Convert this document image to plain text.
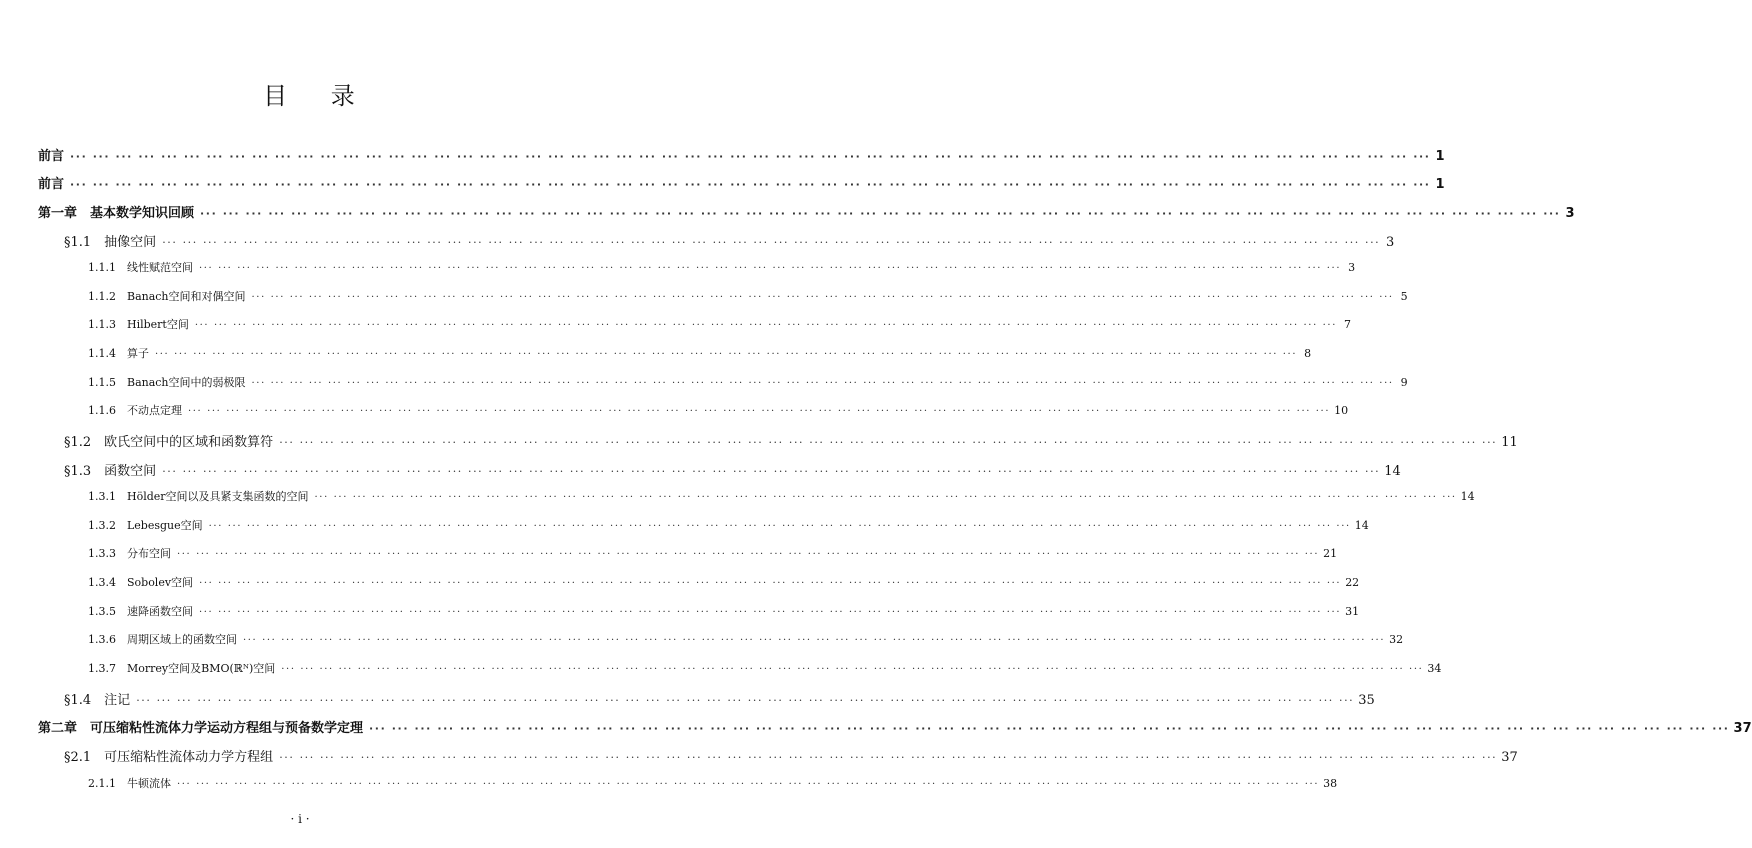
目 录
前言 ··· ··· ··· ··· ··· ··· ··· ··· ··· ··· ··· ··· ··· ··· ··· ··· ··· ··· ··· ··· ··· ··· ··· ··· ··· ··· ··· ··· ··· ··· ··· ··· ··· ··· ··· ··· ··· ··· ··· ··· ··· ··· ··· ··· ··· ··· ··· ··· ··· ··· ··· ··· ··· ··· ··· ··· ··· ··· ··· ··· 1
前言 ··· ··· ··· ··· ··· ··· ··· ··· ··· ··· ··· ··· ··· ··· ··· ··· ··· ··· ··· ··· ··· ··· ··· ··· ··· ··· ··· ··· ··· ··· ··· ··· ··· ··· ··· ··· ··· ··· ··· ··· ··· ··· ··· ··· ··· ··· ··· ··· ··· ··· ··· ··· ··· ··· ··· ··· ··· ··· ··· ··· 1
第一章　基本数学知识回顾 ··· ··· ··· ··· ··· ··· ··· ··· ··· ··· ··· ··· ··· ··· ··· ··· ··· ··· ··· ··· ··· ··· ··· ··· ··· ··· ··· ··· ··· ··· ··· ··· ··· ··· ··· ··· ··· ··· ··· ··· ··· ··· ··· ··· ··· ··· ··· ··· ··· ··· ··· ··· ··· ··· ··· ··· ··· ··· ··· ··· 3
§1.1　抽像空间 ··· ··· ··· ··· ··· ··· ··· ··· ··· ··· ··· ··· ··· ··· ··· ··· ··· ··· ··· ··· ··· ··· ··· ··· ··· ··· ··· ··· ··· ··· ··· ··· ··· ··· ··· ··· ··· ··· ··· ··· ··· ··· ··· ··· ··· ··· ··· ··· ··· ··· ··· ··· ··· ··· ··· ··· ··· ··· ··· ··· 3
1.1.1　线性赋范空间 ··· ··· ··· ··· ··· ··· ··· ··· ··· ··· ··· ··· ··· ··· ··· ··· ··· ··· ··· ··· ··· ··· ··· ··· ··· ··· ··· ··· ··· ··· ··· ··· ··· ··· ··· ··· ··· ··· ··· ··· ··· ··· ··· ··· ··· ··· ··· ··· ··· ··· ··· ··· ··· ··· ··· ··· ··· ··· ··· ··· 3
1.1.2　Banach空间和对偶空间 ··· ··· ··· ··· ··· ··· ··· ··· ··· ··· ··· ··· ··· ··· ··· ··· ··· ··· ··· ··· ··· ··· ··· ··· ··· ··· ··· ··· ··· ··· ··· ··· ··· ··· ··· ··· ··· ··· ··· ··· ··· ··· ··· ··· ··· ··· ··· ··· ··· ··· ··· ··· ··· ··· ··· ··· ··· ··· ··· ··· 5
1.1.3　Hilbert空间 ··· ··· ··· ··· ··· ··· ··· ··· ··· ··· ··· ··· ··· ··· ··· ··· ··· ··· ··· ··· ··· ··· ··· ··· ··· ··· ··· ··· ··· ··· ··· ··· ··· ··· ··· ··· ··· ··· ··· ··· ··· ··· ··· ··· ··· ··· ··· ··· ··· ··· ··· ··· ··· ··· ··· ··· ··· ··· ··· ··· 7
1.1.4　算子 ··· ··· ··· ··· ··· ··· ··· ··· ··· ··· ··· ··· ··· ··· ··· ··· ··· ··· ··· ··· ··· ··· ··· ··· ··· ··· ··· ··· ··· ··· ··· ··· ··· ··· ··· ··· ··· ··· ··· ··· ··· ··· ··· ··· ··· ··· ··· ··· ··· ··· ··· ··· ··· ··· ··· ··· ··· ··· ··· ··· 8
1.1.5　Banach空间中的弱极限 ··· ··· ··· ··· ··· ··· ··· ··· ··· ··· ··· ··· ··· ··· ··· ··· ··· ··· ··· ··· ··· ··· ··· ··· ··· ··· ··· ··· ··· ··· ··· ··· ··· ··· ··· ··· ··· ··· ··· ··· ··· ··· ··· ··· ··· ··· ··· ··· ··· ··· ··· ··· ··· ··· ··· ··· ··· ··· ··· ··· 9
1.1.6　不动点定理 ··· ··· ··· ··· ··· ··· ··· ··· ··· ··· ··· ··· ··· ··· ··· ··· ··· ··· ··· ··· ··· ··· ··· ··· ··· ··· ··· ··· ··· ··· ··· ··· ··· ··· ··· ··· ··· ··· ··· ··· ··· ··· ··· ··· ··· ··· ··· ··· ··· ··· ··· ··· ··· ··· ··· ··· ··· ··· ··· ··· 10
§1.2　欧氏空间中的区域和函数算符 ··· ··· ··· ··· ··· ··· ··· ··· ··· ··· ··· ··· ··· ··· ··· ··· ··· ··· ··· ··· ··· ··· ··· ··· ··· ··· ··· ··· ··· ··· ··· ··· ··· ··· ··· ··· ··· ··· ··· ··· ··· ··· ··· ··· ··· ··· ··· ··· ··· ··· ··· ··· ··· ··· ··· ··· ··· ··· ··· ··· 11
§1.3　函数空间 ··· ··· ··· ··· ··· ··· ··· ··· ··· ··· ··· ··· ··· ··· ··· ··· ··· ··· ··· ··· ··· ··· ··· ··· ··· ··· ··· ··· ··· ··· ··· ··· ··· ··· ··· ··· ··· ··· ··· ··· ··· ··· ··· ··· ··· ··· ··· ··· ··· ··· ··· ··· ··· ··· ··· ··· ··· ··· ··· ··· 14
1.3.1　Hölder空间以及具紧支集函数的空间 ··· ··· ··· ··· ··· ··· ··· ··· ··· ··· ··· ··· ··· ··· ··· ··· ··· ··· ··· ··· ··· ··· ··· ··· ··· ··· ··· ··· ··· ··· ··· ··· ··· ··· ··· ··· ··· ··· ··· ··· ··· ··· ··· ··· ··· ··· ··· ··· ··· ··· ··· ··· ··· ··· ··· ··· ··· ··· ··· ··· 14
1.3.2　Lebesgue空间 ··· ··· ··· ··· ··· ··· ··· ··· ··· ··· ··· ··· ··· ··· ··· ··· ··· ··· ··· ··· ··· ··· ··· ··· ··· ··· ··· ··· ··· ··· ··· ··· ··· ··· ··· ··· ··· ··· ··· ··· ··· ··· ··· ··· ··· ··· ··· ··· ··· ··· ··· ··· ··· ··· ··· ··· ··· ··· ··· ··· 14
1.3.3　分布空间 ··· ··· ··· ··· ··· ··· ··· ··· ··· ··· ··· ··· ··· ··· ··· ··· ··· ··· ··· ··· ··· ··· ··· ··· ··· ··· ··· ··· ··· ··· ··· ··· ··· ··· ··· ··· ··· ··· ··· ··· ··· ··· ··· ··· ··· ··· ··· ··· ··· ··· ··· ··· ··· ··· ··· ··· ··· ··· ··· ··· 21
1.3.4　Sobolev空间 ··· ··· ··· ··· ··· ··· ··· ··· ··· ··· ··· ··· ··· ··· ··· ··· ··· ··· ··· ··· ··· ··· ··· ··· ··· ··· ··· ··· ··· ··· ··· ··· ··· ··· ··· ··· ··· ··· ··· ··· ··· ··· ··· ··· ··· ··· ··· ··· ··· ··· ··· ··· ··· ··· ··· ··· ··· ··· ··· ··· 22
1.3.5　速降函数空间 ··· ··· ··· ··· ··· ··· ··· ··· ··· ··· ··· ··· ··· ··· ··· ··· ··· ··· ··· ··· ··· ··· ··· ··· ··· ··· ··· ··· ··· ··· ··· ··· ··· ··· ··· ··· ··· ··· ··· ··· ··· ··· ··· ··· ··· ··· ··· ··· ··· ··· ··· ··· ··· ··· ··· ··· ··· ··· ··· ··· 31
1.3.6　周期区域上的函数空间 ··· ··· ··· ··· ··· ··· ··· ··· ··· ··· ··· ··· ··· ··· ··· ··· ··· ··· ··· ··· ··· ··· ··· ··· ··· ··· ··· ··· ··· ··· ··· ··· ··· ··· ··· ··· ··· ··· ··· ··· ··· ··· ··· ··· ··· ··· ··· ··· ··· ··· ··· ··· ··· ··· ··· ··· ··· ··· ··· ··· 32
1.3.7　Morrey空间及BMO(ℝᴺ)空间 ··· ··· ··· ··· ··· ··· ··· ··· ··· ··· ··· ··· ··· ··· ··· ··· ··· ··· ··· ··· ··· ··· ··· ··· ··· ··· ··· ··· ··· ··· ··· ··· ··· ··· ··· ··· ··· ··· ··· ··· ··· ··· ··· ··· ··· ··· ··· ··· ··· ··· ··· ··· ··· ··· ··· ··· ··· ··· ··· ··· 34
§1.4　注记 ··· ··· ··· ··· ··· ··· ··· ··· ··· ··· ··· ··· ··· ··· ··· ··· ··· ··· ··· ··· ··· ··· ··· ··· ··· ··· ··· ··· ··· ··· ··· ··· ··· ··· ··· ··· ··· ··· ··· ··· ··· ··· ··· ··· ··· ··· ··· ··· ··· ··· ··· ··· ··· ··· ··· ··· ··· ··· ··· ··· 35
第二章　可压缩粘性流体力学运动方程组与预备数学定理 ··· ··· ··· ··· ··· ··· ··· ··· ··· ··· ··· ··· ··· ··· ··· ··· ··· ··· ··· ··· ··· ··· ··· ··· ··· ··· ··· ··· ··· ··· ··· ··· ··· ··· ··· ··· ··· ··· ··· ··· ··· ··· ··· ··· ··· ··· ··· ··· ··· ··· ··· ··· ··· ··· ··· ··· ··· ··· ··· ··· 37
§2.1　可压缩粘性流体动力学方程组 ··· ··· ··· ··· ··· ··· ··· ··· ··· ··· ··· ··· ··· ··· ··· ··· ··· ··· ··· ··· ··· ··· ··· ··· ··· ··· ··· ··· ··· ··· ··· ··· ··· ··· ··· ··· ··· ··· ··· ··· ··· ··· ··· ··· ··· ··· ··· ··· ··· ··· ··· ··· ··· ··· ··· ··· ··· ··· ··· ··· 37
2.1.1　牛顿流体 ··· ··· ··· ··· ··· ··· ··· ··· ··· ··· ··· ··· ··· ··· ··· ··· ··· ··· ··· ··· ··· ··· ··· ··· ··· ··· ··· ··· ··· ··· ··· ··· ··· ··· ··· ··· ··· ··· ··· ··· ··· ··· ··· ··· ··· ··· ··· ··· ··· ··· ··· ··· ··· ··· ··· ··· ··· ··· ··· ··· 38
· i ·
